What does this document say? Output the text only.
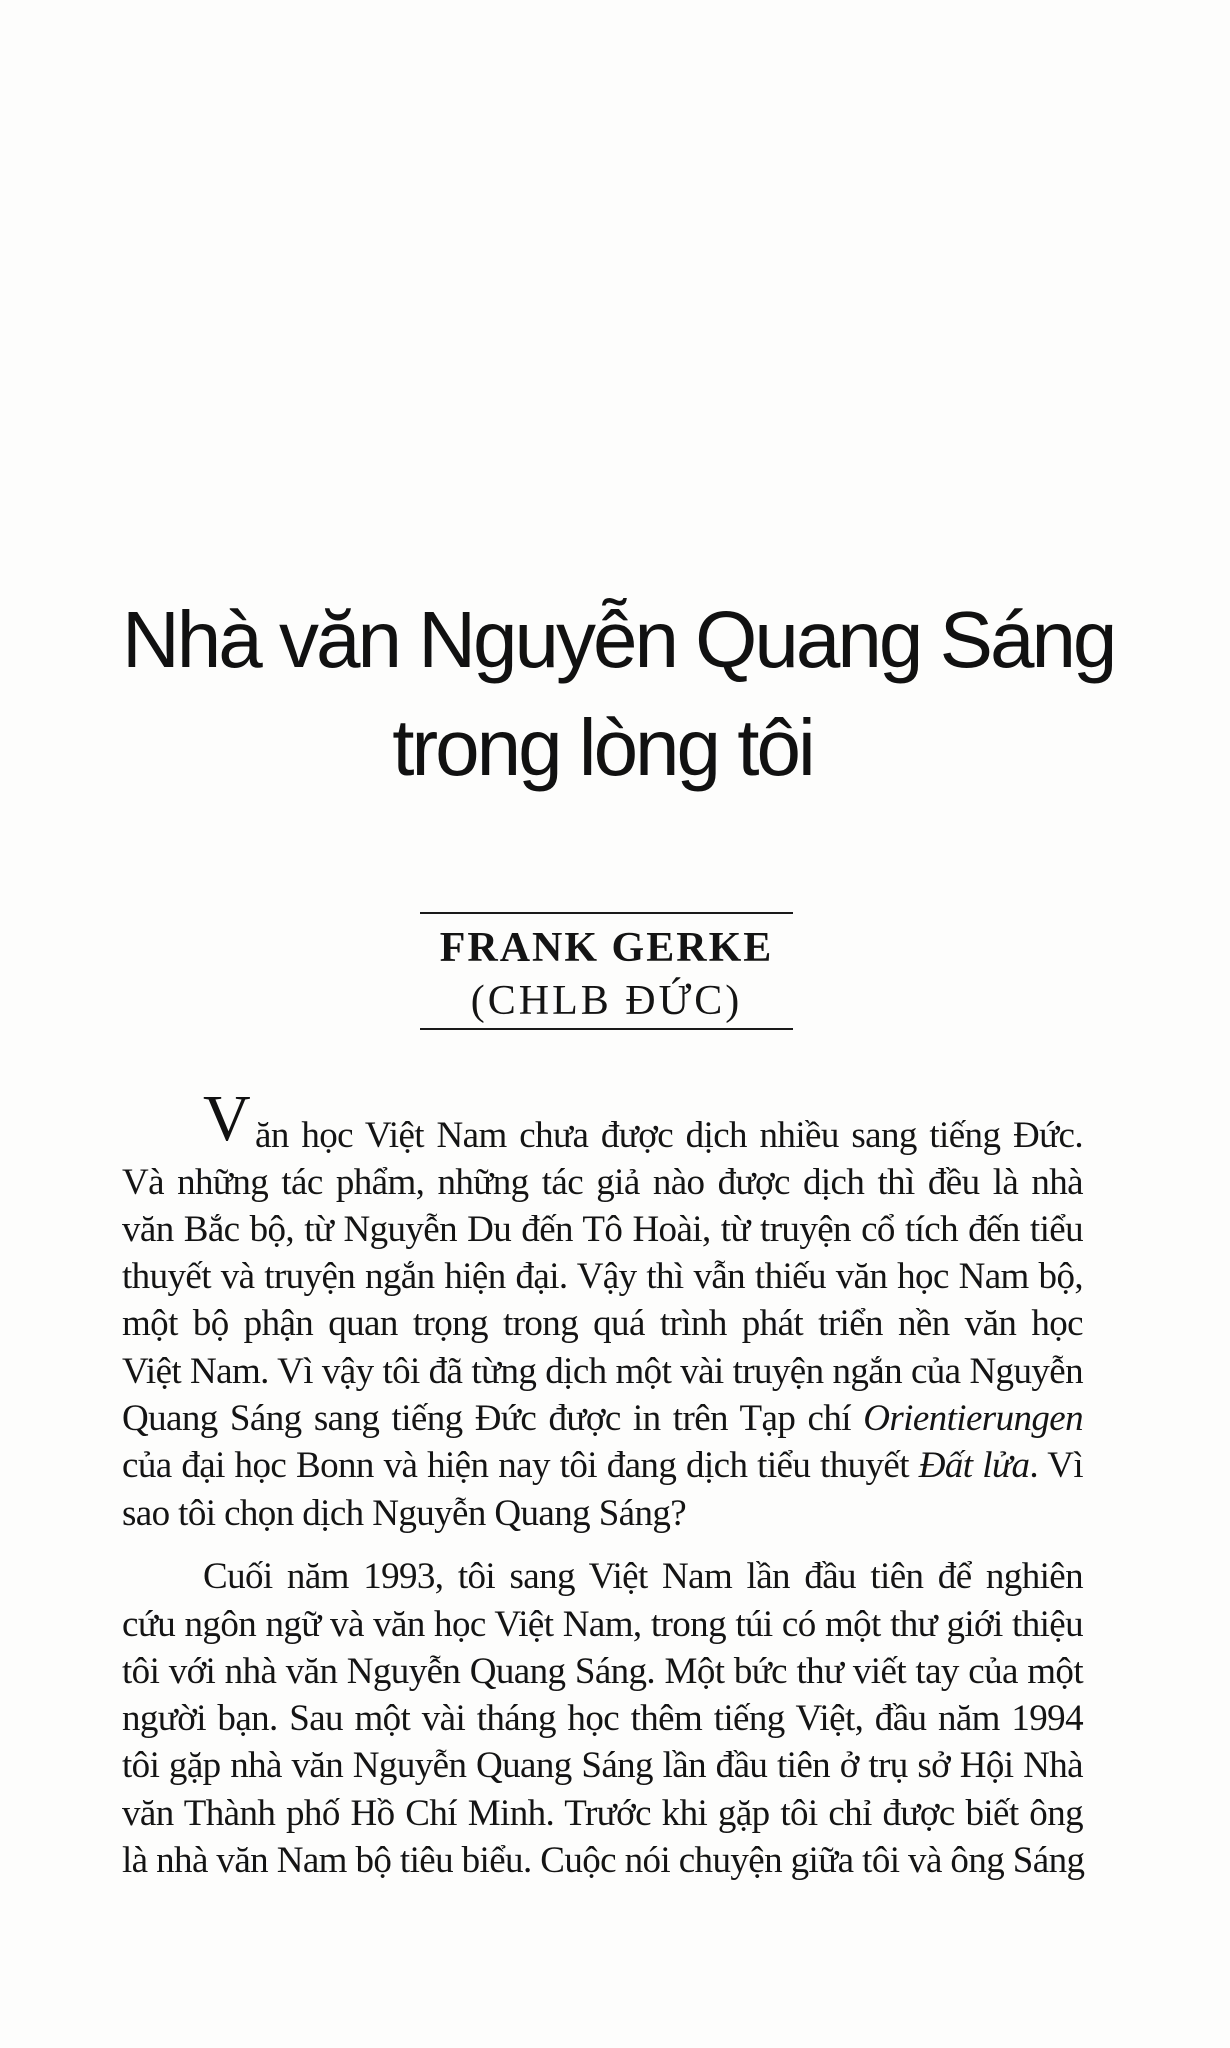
Nhà văn Nguyễn Quang Sáng
trong lòng tôi
FRANK GERKE
(CHLB ĐỨC)
V ăn học Việt Nam chưa được dịch nhiều sang tiếng Đức.
Và những tác phẩm, những tác giả nào được dịch thì đều là nhà
văn Bắc bộ, từ Nguyễn Du đến Tô Hoài, từ truyện cổ tích đến tiểu
thuyết và truyện ngắn hiện đại. Vậy thì vẫn thiếu văn học Nam bộ,
một bộ phận quan trọng trong quá trình phát triển nền văn học
Việt Nam. Vì vậy tôi đã từng dịch một vài truyện ngắn của Nguyễn
Quang Sáng sang tiếng Đức được in trên Tạp chí Orientierungen
của đại học Bonn và hiện nay tôi đang dịch tiểu thuyết Đất lửa. Vì
sao tôi chọn dịch Nguyễn Quang Sáng?
Cuối năm 1993, tôi sang Việt Nam lần đầu tiên để nghiên
cứu ngôn ngữ và văn học Việt Nam, trong túi có một thư giới thiệu
tôi với nhà văn Nguyễn Quang Sáng. Một bức thư viết tay của một
người bạn. Sau một vài tháng học thêm tiếng Việt, đầu năm 1994
tôi gặp nhà văn Nguyễn Quang Sáng lần đầu tiên ở trụ sở Hội Nhà
văn Thành phố Hồ Chí Minh. Trước khi gặp tôi chỉ được biết ông
là nhà văn Nam bộ tiêu biểu. Cuộc nói chuyện giữa tôi và ông Sáng
